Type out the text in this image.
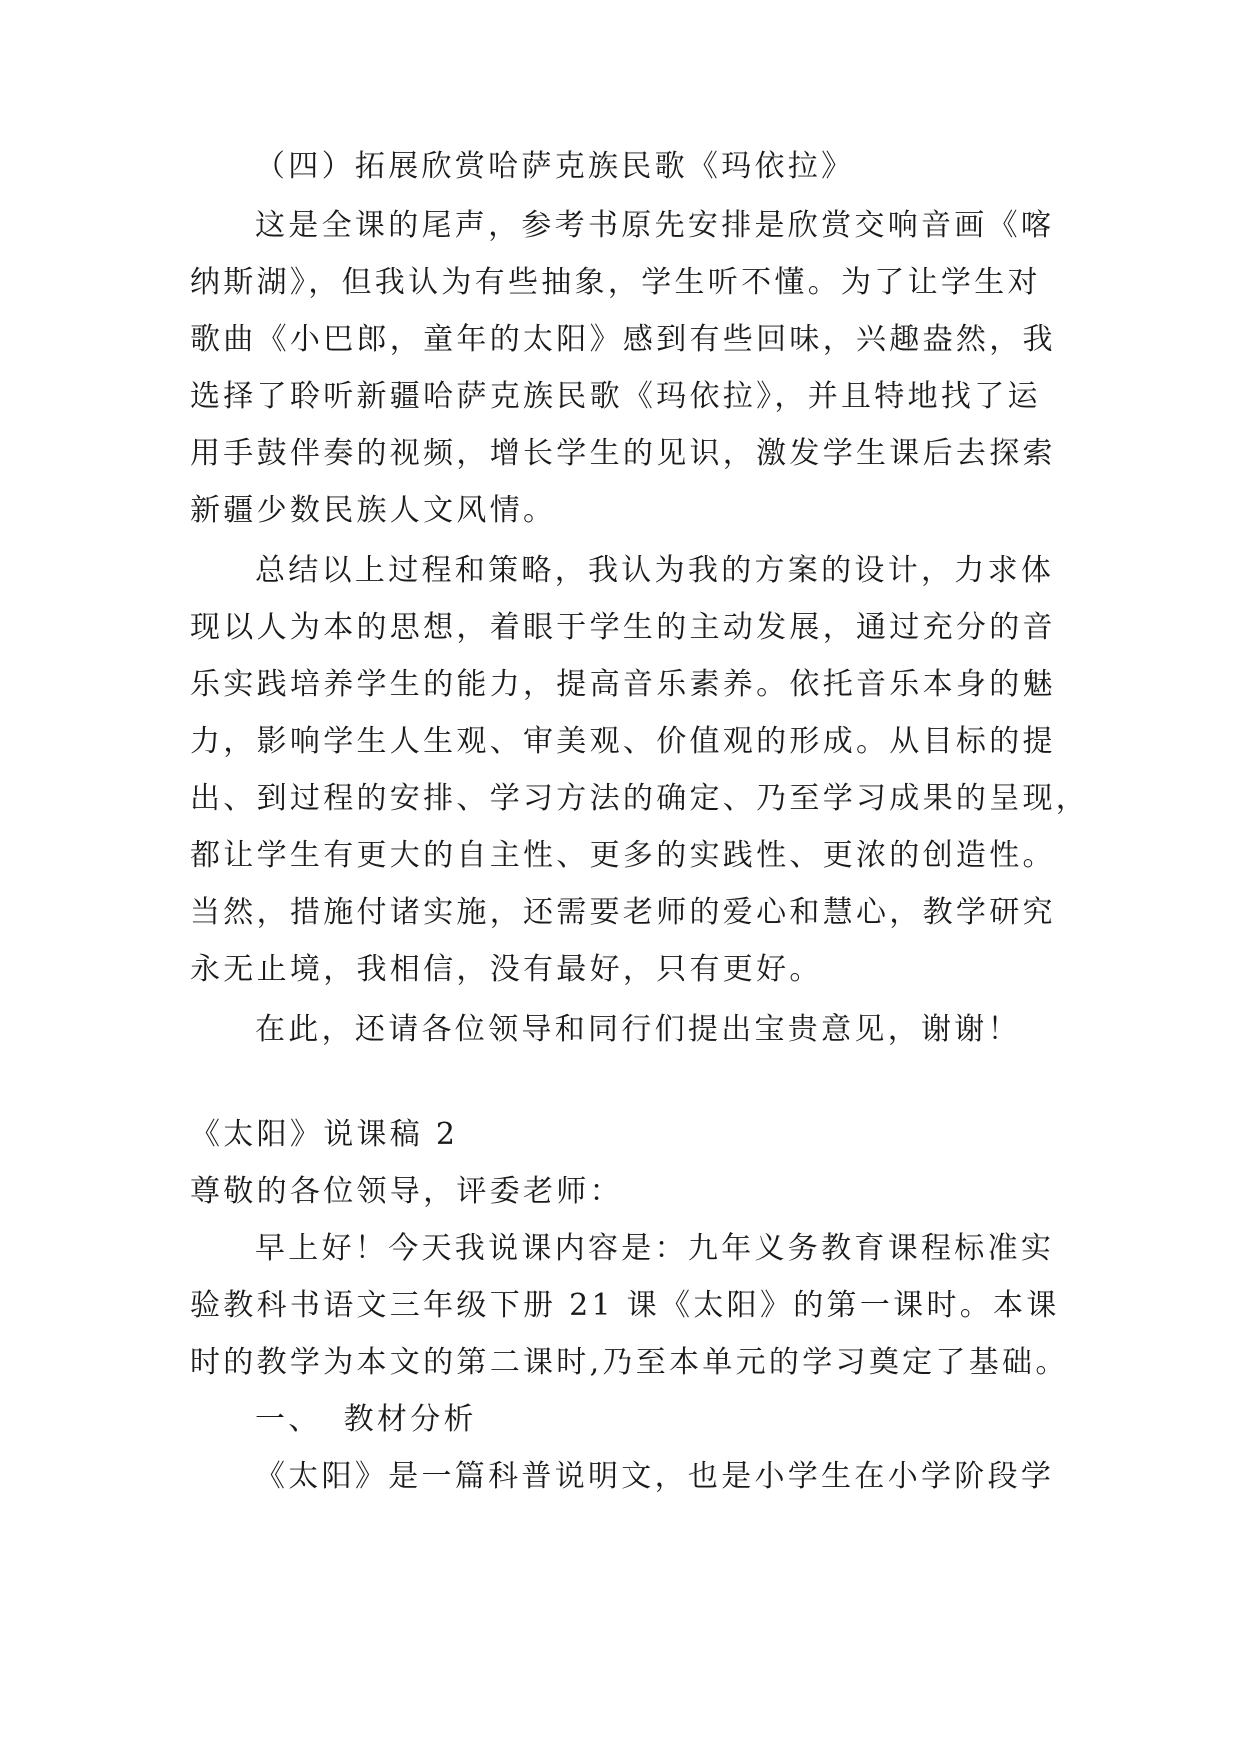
（四）拓展欣赏哈萨克族民歌《玛依拉》
这是全课的尾声，参考书原先安排是欣赏交响音画《喀
纳斯湖》，但我认为有些抽象，学生听不懂。为了让学生对
歌曲《小巴郎，童年的太阳》感到有些回味，兴趣盎然，我
选择了聆听新疆哈萨克族民歌《玛依拉》，并且特地找了运
用手鼓伴奏的视频，增长学生的见识，激发学生课后去探索
新疆少数民族人文风情。
总结以上过程和策略，我认为我的方案的设计，力求体
现以人为本的思想，着眼于学生的主动发展，通过充分的音
乐实践培养学生的能力，提高音乐素养。依托音乐本身的魅
力，影响学生人生观、审美观、价值观的形成。从目标的提
出、到过程的安排、学习方法的确定、乃至学习成果的呈现，
都让学生有更大的自主性、更多的实践性、更浓的创造性。
当然，措施付诸实施，还需要老师的爱心和慧心，教学研究
永无止境，我相信，没有最好，只有更好。
在此，还请各位领导和同行们提出宝贵意见，谢谢！
《太阳》说课稿 2
尊敬的各位领导，评委老师：
早上好！今天我说课内容是：九年义务教育课程标准实
验教科书语文三年级下册 21 课《太阳》的第一课时。本课
时的教学为本文的第二课时,乃至本单元的学习奠定了基础。
一、 教材分析
《太阳》是一篇科普说明文，也是小学生在小学阶段学
